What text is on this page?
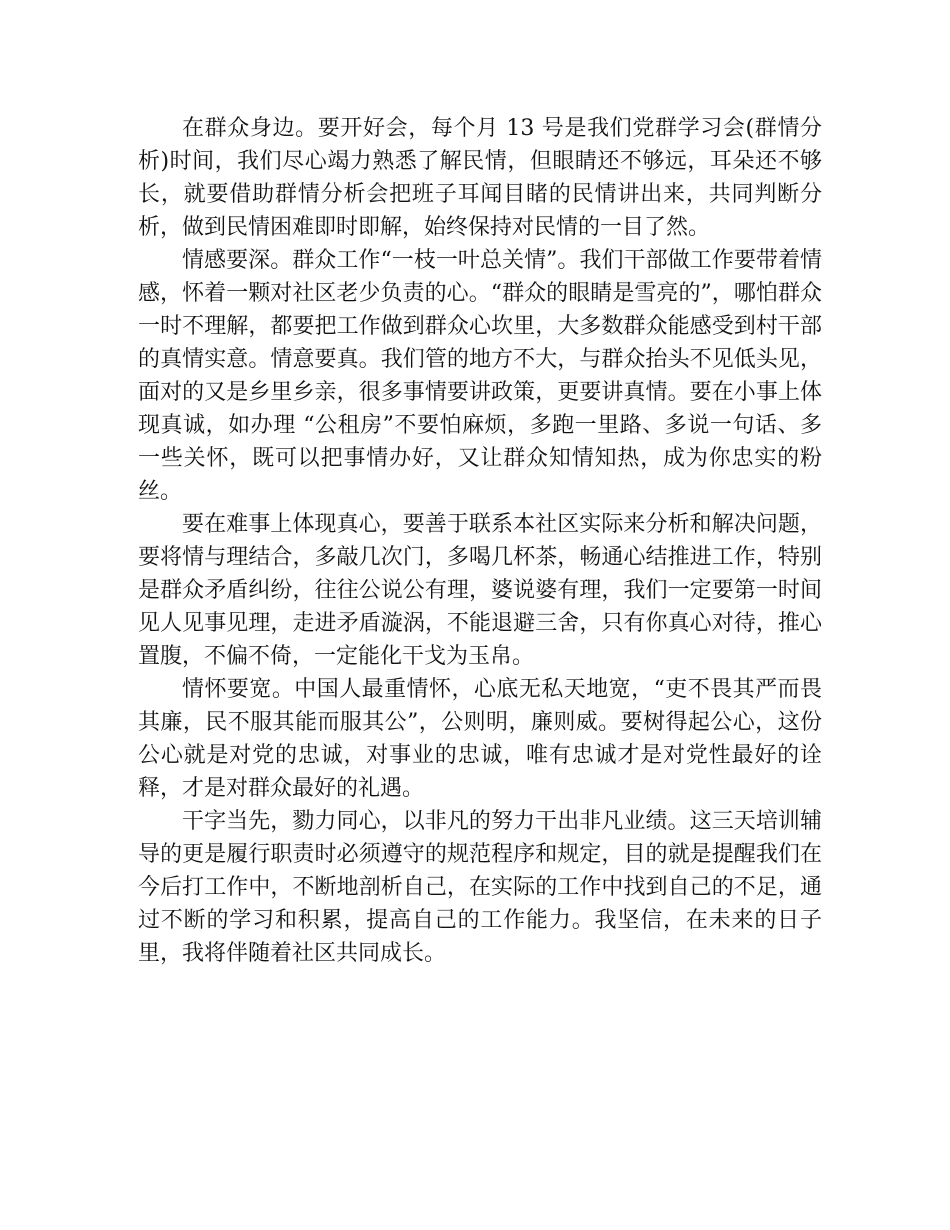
在群众身边。要开好会，每个月 13 号是我们党群学习会(群情分析)时间，我们尽心竭力熟悉了解民情，但眼睛还不够远，耳朵还不够长，就要借助群情分析会把班子耳闻目睹的民情讲出来，共同判断分析，做到民情困难即时即解，始终保持对民情的一目了然。

情感要深。群众工作“一枝一叶总关情”。我们干部做工作要带着情感，怀着一颗对社区老少负责的心。“群众的眼睛是雪亮的”，哪怕群众一时不理解，都要把工作做到群众心坎里，大多数群众能感受到村干部的真情实意。情意要真。我们管的地方不大，与群众抬头不见低头见，面对的又是乡里乡亲，很多事情要讲政策，更要讲真情。要在小事上体现真诚，如办理 “公租房”不要怕麻烦，多跑一里路、多说一句话、多一些关怀，既可以把事情办好，又让群众知情知热，成为你忠实的粉丝。

要在难事上体现真心，要善于联系本社区实际来分析和解决问题，要将情与理结合，多敲几次门，多喝几杯茶，畅通心结推进工作，特别是群众矛盾纠纷，往往公说公有理，婆说婆有理，我们一定要第一时间见人见事见理，走进矛盾漩涡，不能退避三舍，只有你真心对待，推心置腹，不偏不倚，一定能化干戈为玉帛。

情怀要宽。中国人最重情怀，心底无私天地宽，“吏不畏其严而畏其廉，民不服其能而服其公”，公则明，廉则威。要树得起公心，这份公心就是对党的忠诚，对事业的忠诚，唯有忠诚才是对党性最好的诠释，才是对群众最好的礼遇。

干字当先，勠力同心，以非凡的努力干出非凡业绩。这三天培训辅导的更是履行职责时必须遵守的规范程序和规定，目的就是提醒我们在今后打工作中，不断地剖析自己，在实际的工作中找到自己的不足，通过不断的学习和积累，提高自己的工作能力。我坚信，在未来的日子里，我将伴随着社区共同成长。
